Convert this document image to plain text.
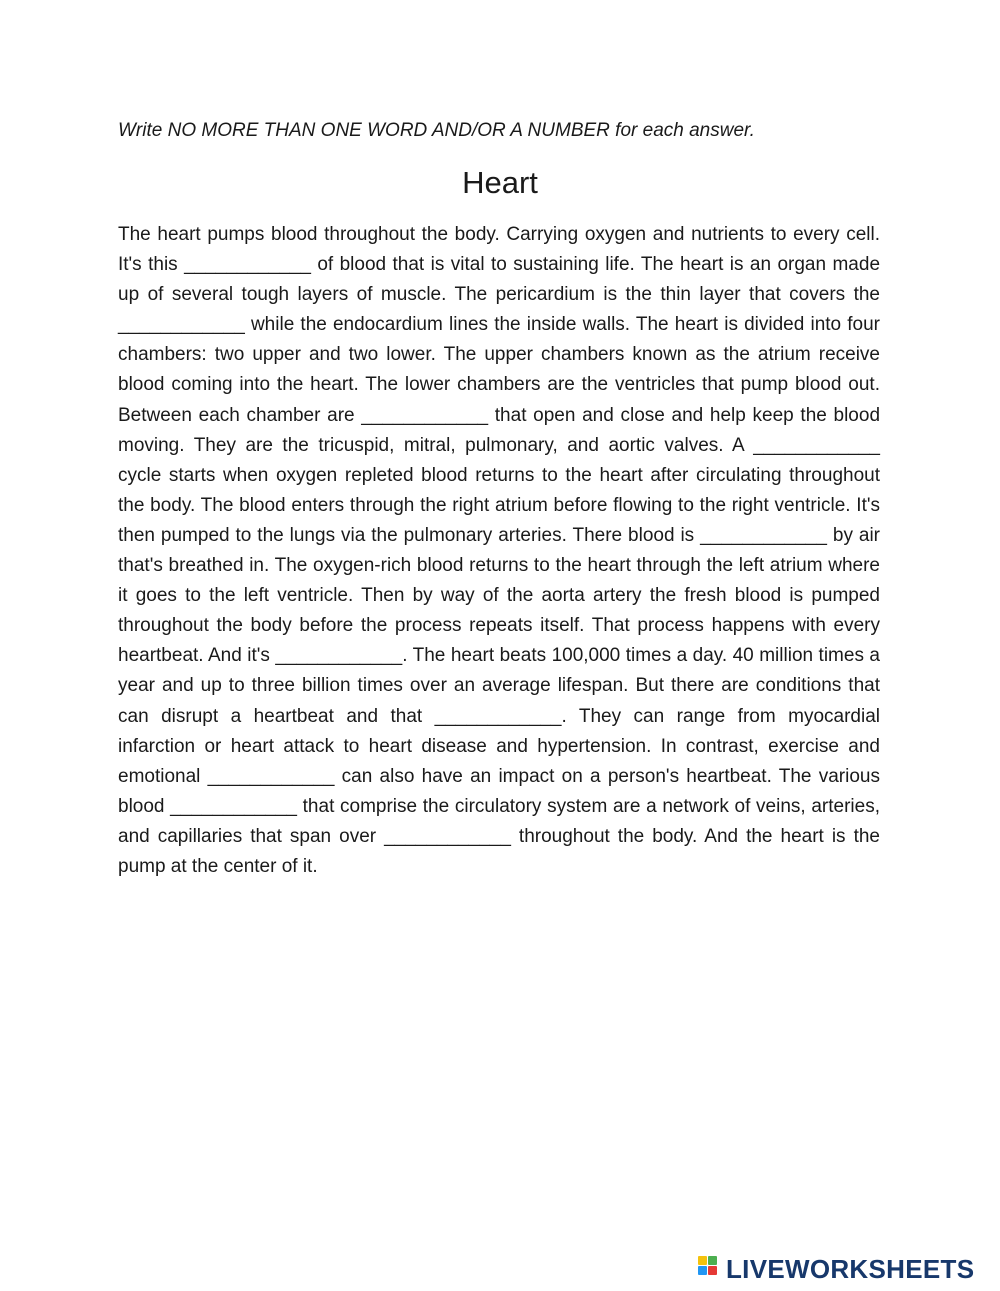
Write NO MORE THAN ONE WORD AND/OR A NUMBER for each answer.
Heart

The heart pumps blood throughout the body. Carrying oxygen and nutrients to every cell. It's this ____________ of blood that is vital to sustaining life. The heart is an organ made up of several tough layers of muscle. The pericardium is the thin layer that covers the ____________ while the endocardium lines the inside walls. The heart is divided into four chambers: two upper and two lower. The upper chambers known as the atrium receive blood coming into the heart. The lower chambers are the ventricles that pump blood out. Between each chamber are ____________ that open and close and help keep the blood moving. They are the tricuspid, mitral, pulmonary, and aortic valves. A ____________ cycle starts when oxygen repleted blood returns to the heart after circulating throughout the body. The blood enters through the right atrium before flowing to the right ventricle. It's then pumped to the lungs via the pulmonary arteries. There blood is ____________ by air that's breathed in. The oxygen-rich blood returns to the heart through the left atrium where it goes to the left ventricle. Then by way of the aorta artery the fresh blood is pumped throughout the body before the process repeats itself. That process happens with every heartbeat. And it's ____________. The heart beats 100,000 times a day. 40 million times a year and up to three billion times over an average lifespan. But there are conditions that can disrupt a heartbeat and that ____________. They can range from myocardial infarction or heart attack to heart disease and hypertension. In contrast, exercise and emotional ____________ can also have an impact on a person's heartbeat. The various blood ____________ that comprise the circulatory system are a network of veins, arteries, and capillaries that span over ____________ throughout the body. And the heart is the pump at the center of it.

LIVEWORKSHEETS
